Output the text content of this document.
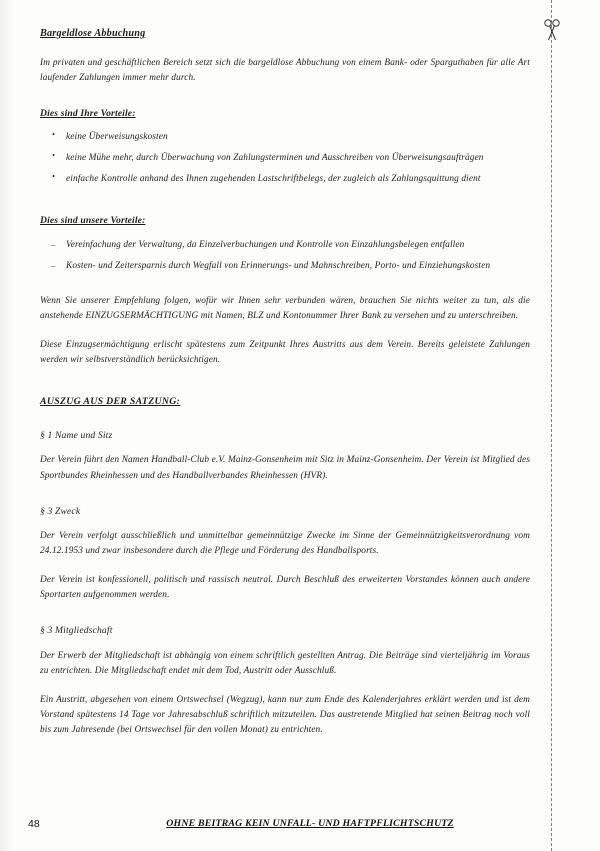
Bargeldlose Abbuchung

Im privaten und geschäftlichen Bereich setzt sich die bargeldlose Abbuchung von einem Bank- oder Sparguthaben für alle Art laufender Zahlungen immer mehr durch.

Dies sind Ihre Vorteile:
• keine Überweisungskosten
• keine Mühe mehr, durch Überwachung von Zahlungsterminen und Ausschreiben von Überweisungsaufträgen
• einfache Kontrolle anhand des Ihnen zugehenden Lastschriftbelegs, der zugleich als Zahlungsquittung dient
Dies sind unsere Vorteile:
– Vereinfachung der Verwaltung, da Einzelverbuchungen und Kontrolle von Einzahlungsbelegen entfallen
– Kosten- und Zeitersparnis durch Wegfall von Erinnerungs- und Mahnschreiben, Porto- und Einziehungskosten

Wenn Sie unserer Empfehlung folgen, wofür wir Ihnen sehr verbunden wären, brauchen Sie nichts weiter zu tun, als die anstehende EINZUGSERMÄCHTIGUNG mit Namen, BLZ und Kontonummer Ihrer Bank zu versehen und zu unterschreiben.

Diese Einzugsermächtigung erlischt spätestens zum Zeitpunkt Ihres Austritts aus dem Verein. Bereits geleistete Zahlungen werden wir selbstverständlich berücksichtigen.

AUSZUG AUS DER SATZUNG:
§ 1 Name und Sitz

Der Verein führt den Namen Handball-Club e.V. Mainz-Gonsenheim mit Sitz in Mainz-Gonsenheim. Der Verein ist Mitglied des Sportbundes Rheinhessen und des Handballverbandes Rheinhessen (HVR).

§ 3 Zweck

Der Verein verfolgt ausschließlich und unmittelbar gemeinnützige Zwecke im Sinne der Gemeinnützigkeitsverordnung vom 24.12.1953 und zwar insbesondere durch die Pflege und Förderung des Handballsports.

Der Verein ist konfessionell, politisch und rassisch neutral. Durch Beschluß des erweiterten Vorstandes können auch andere Sportarten aufgenommen werden.

§ 3 Mitgliedschaft

Der Erwerb der Mitgliedschaft ist abhängig von einem schriftlich gestellten Antrag. Die Beiträge sind vierteljährig im Voraus zu entrichten. Die Mitgliedschaft endet mit dem Tod, Austritt oder Ausschluß.

Ein Austritt, abgesehen von einem Ortswechsel (Wegzug), kann nur zum Ende des Kalenderjahres erklärt werden und ist dem Vorstand spätestens 14 Tage vor Jahresabschluß schriftlich mitzuteilen. Das austretende Mitglied hat seinen Beitrag noch voll bis zum Jahresende (bei Ortswechsel für den vollen Monat) zu entrichten.

48	OHNE BEITRAG KEIN UNFALL- UND HAFTPFLICHTSCHUTZ
